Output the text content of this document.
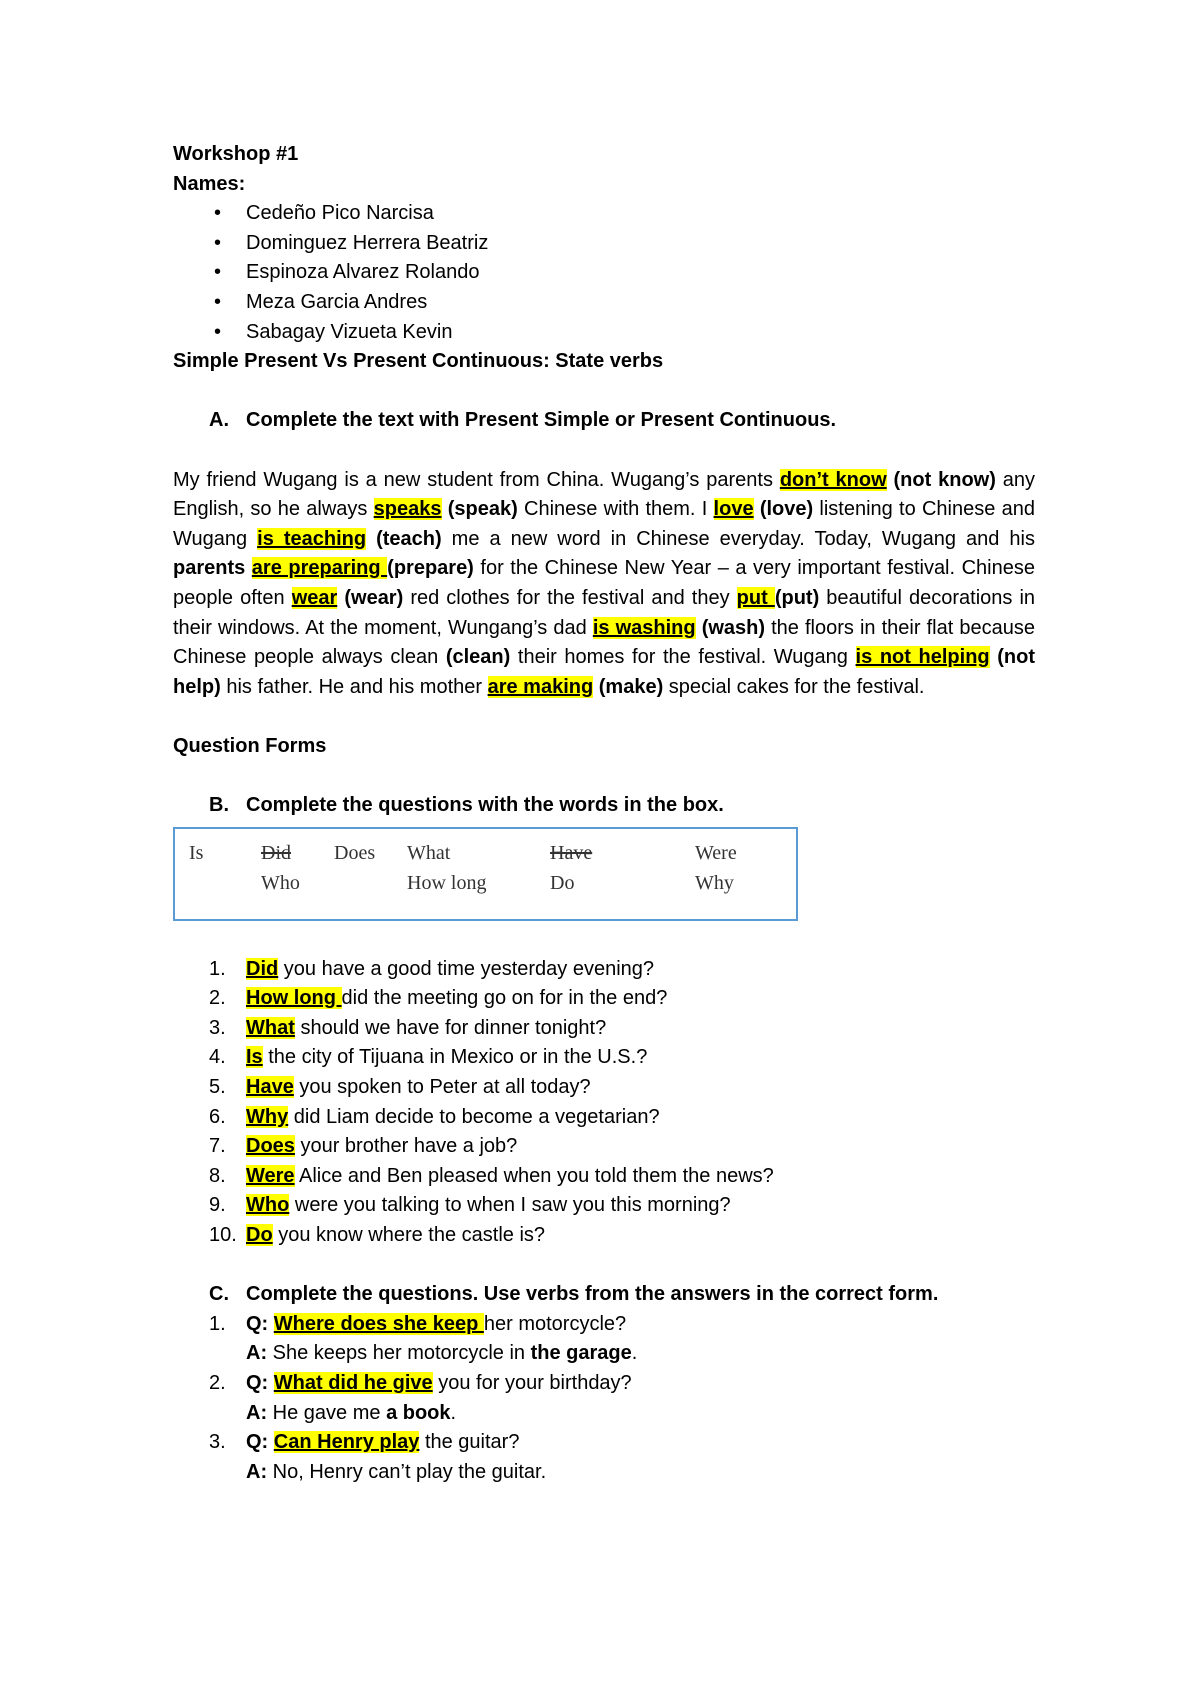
Workshop #1

Names:

• Cedeño Pico Narcisa
• Dominguez Herrera Beatriz
• Espinoza Alvarez Rolando
• Meza Garcia Andres
• Sabagay Vizueta Kevin

Simple Present Vs Present Continuous: State verbs

A. Complete the text with Present Simple or Present Continuous.

My friend Wugang is a new student from China. Wugang’s parents don’t know (not know) any English, so he always speaks (speak) Chinese with them. I love (love) listening to Chinese and Wugang is teaching (teach) me a new word in Chinese everyday. Today, Wugang and his parents are preparing (prepare) for the Chinese New Year – a very important festival. Chinese people often wear (wear) red clothes for the festival and they put (put) beautiful decorations in their windows. At the moment, Wungang’s dad is washing (wash) the floors in their flat because Chinese people always clean (clean) their homes for the festival. Wugang is not helping (not help) his father. He and his mother are making (make) special cakes for the festival.

Question Forms

B. Complete the questions with the words in the box.
Is	Did Does What	Have	Were
Who	How long	Do	Why
1. Did you have a good time yesterday evening?
2. How long did the meeting go on for in the end?
3. What should we have for dinner tonight?
4. Is the city of Tijuana in Mexico or in the U.S.?
5. Have you spoken to Peter at all today?
6. Why did Liam decide to become a vegetarian?
7. Does your brother have a job?
8. Were Alice and Ben pleased when you told them the news?
9. Who were you talking to when I saw you this morning?
10. Do you know where the castle is?
C. Complete the questions. Use verbs from the answers in the correct form.
1. Q: Where does she keep her motorcycle?
A: She keeps her motorcycle in the garage.
2. Q: What did he give you for your birthday?
A: He gave me a book.
3. Q: Can Henry play the guitar?
A: No, Henry can’t play the guitar.
